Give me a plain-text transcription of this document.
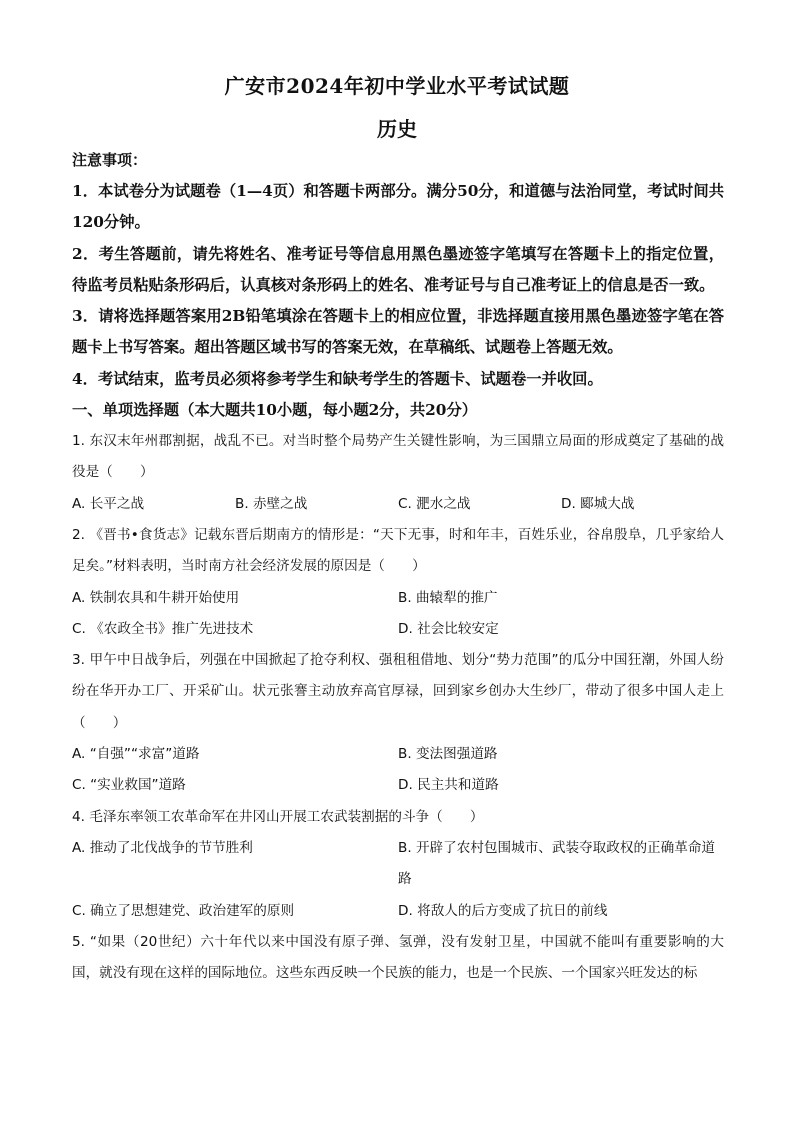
广安市2024年初中学业水平考试试题
历史
注意事项：
1．本试卷分为试题卷（1—4页）和答题卡两部分。满分50分，和道德与法治同堂，考试时间共120分钟。
2．考生答题前，请先将姓名、准考证号等信息用黑色墨迹签字笔填写在答题卡上的指定位置，待监考员粘贴条形码后，认真核对条形码上的姓名、准考证号与自己准考证上的信息是否一致。
3．请将选择题答案用2B铅笔填涂在答题卡上的相应位置，非选择题直接用黑色墨迹签字笔在答题卡上书写答案。超出答题区域书写的答案无效，在草稿纸、试题卷上答题无效。
4．考试结束，监考员必须将参考学生和缺考学生的答题卡、试题卷一并收回。
一、单项选择题（本大题共10小题，每小题2分，共20分）
1. 东汉末年州郡割据，战乱不已。对当时整个局势产生关键性影响，为三国鼎立局面的形成奠定了基础的战役是（　　）
A. 长平之战	B. 赤壁之战	C. 淝水之战	D. 郾城大战
2. 《晋书•食货志》记载东晋后期南方的情形是：“天下无事，时和年丰，百姓乐业，谷帛殷阜，几乎家给人足矣。”材料表明，当时南方社会经济发展的原因是（　　）
A. 铁制农具和牛耕开始使用	B. 曲辕犁的推广
C. 《农政全书》推广先进技术	D. 社会比较安定
3. 甲午中日战争后，列强在中国掀起了抢夺利权、强租租借地、划分“势力范围”的瓜分中国狂潮，外国人纷纷在华开办工厂、开采矿山。状元张謇主动放弃高官厚禄，回到家乡创办大生纱厂，带动了很多中国人走上（　　）
A. “自强”“求富”道路	B. 变法图强道路
C. “实业救国”道路	D. 民主共和道路
4. 毛泽东率领工农革命军在井冈山开展工农武装割据的斗争（　　）
A. 推动了北伐战争的节节胜利	B. 开辟了农村包围城市、武装夺取政权的正确革命道路
C. 确立了思想建党、政治建军的原则	D. 将敌人的后方变成了抗日的前线
5. “如果（20世纪）六十年代以来中国没有原子弹、氢弹，没有发射卫星，中国就不能叫有重要影响的大国，就没有现在这样的国际地位。这些东西反映一个民族的能力，也是一个民族、一个国家兴旺发达的标
